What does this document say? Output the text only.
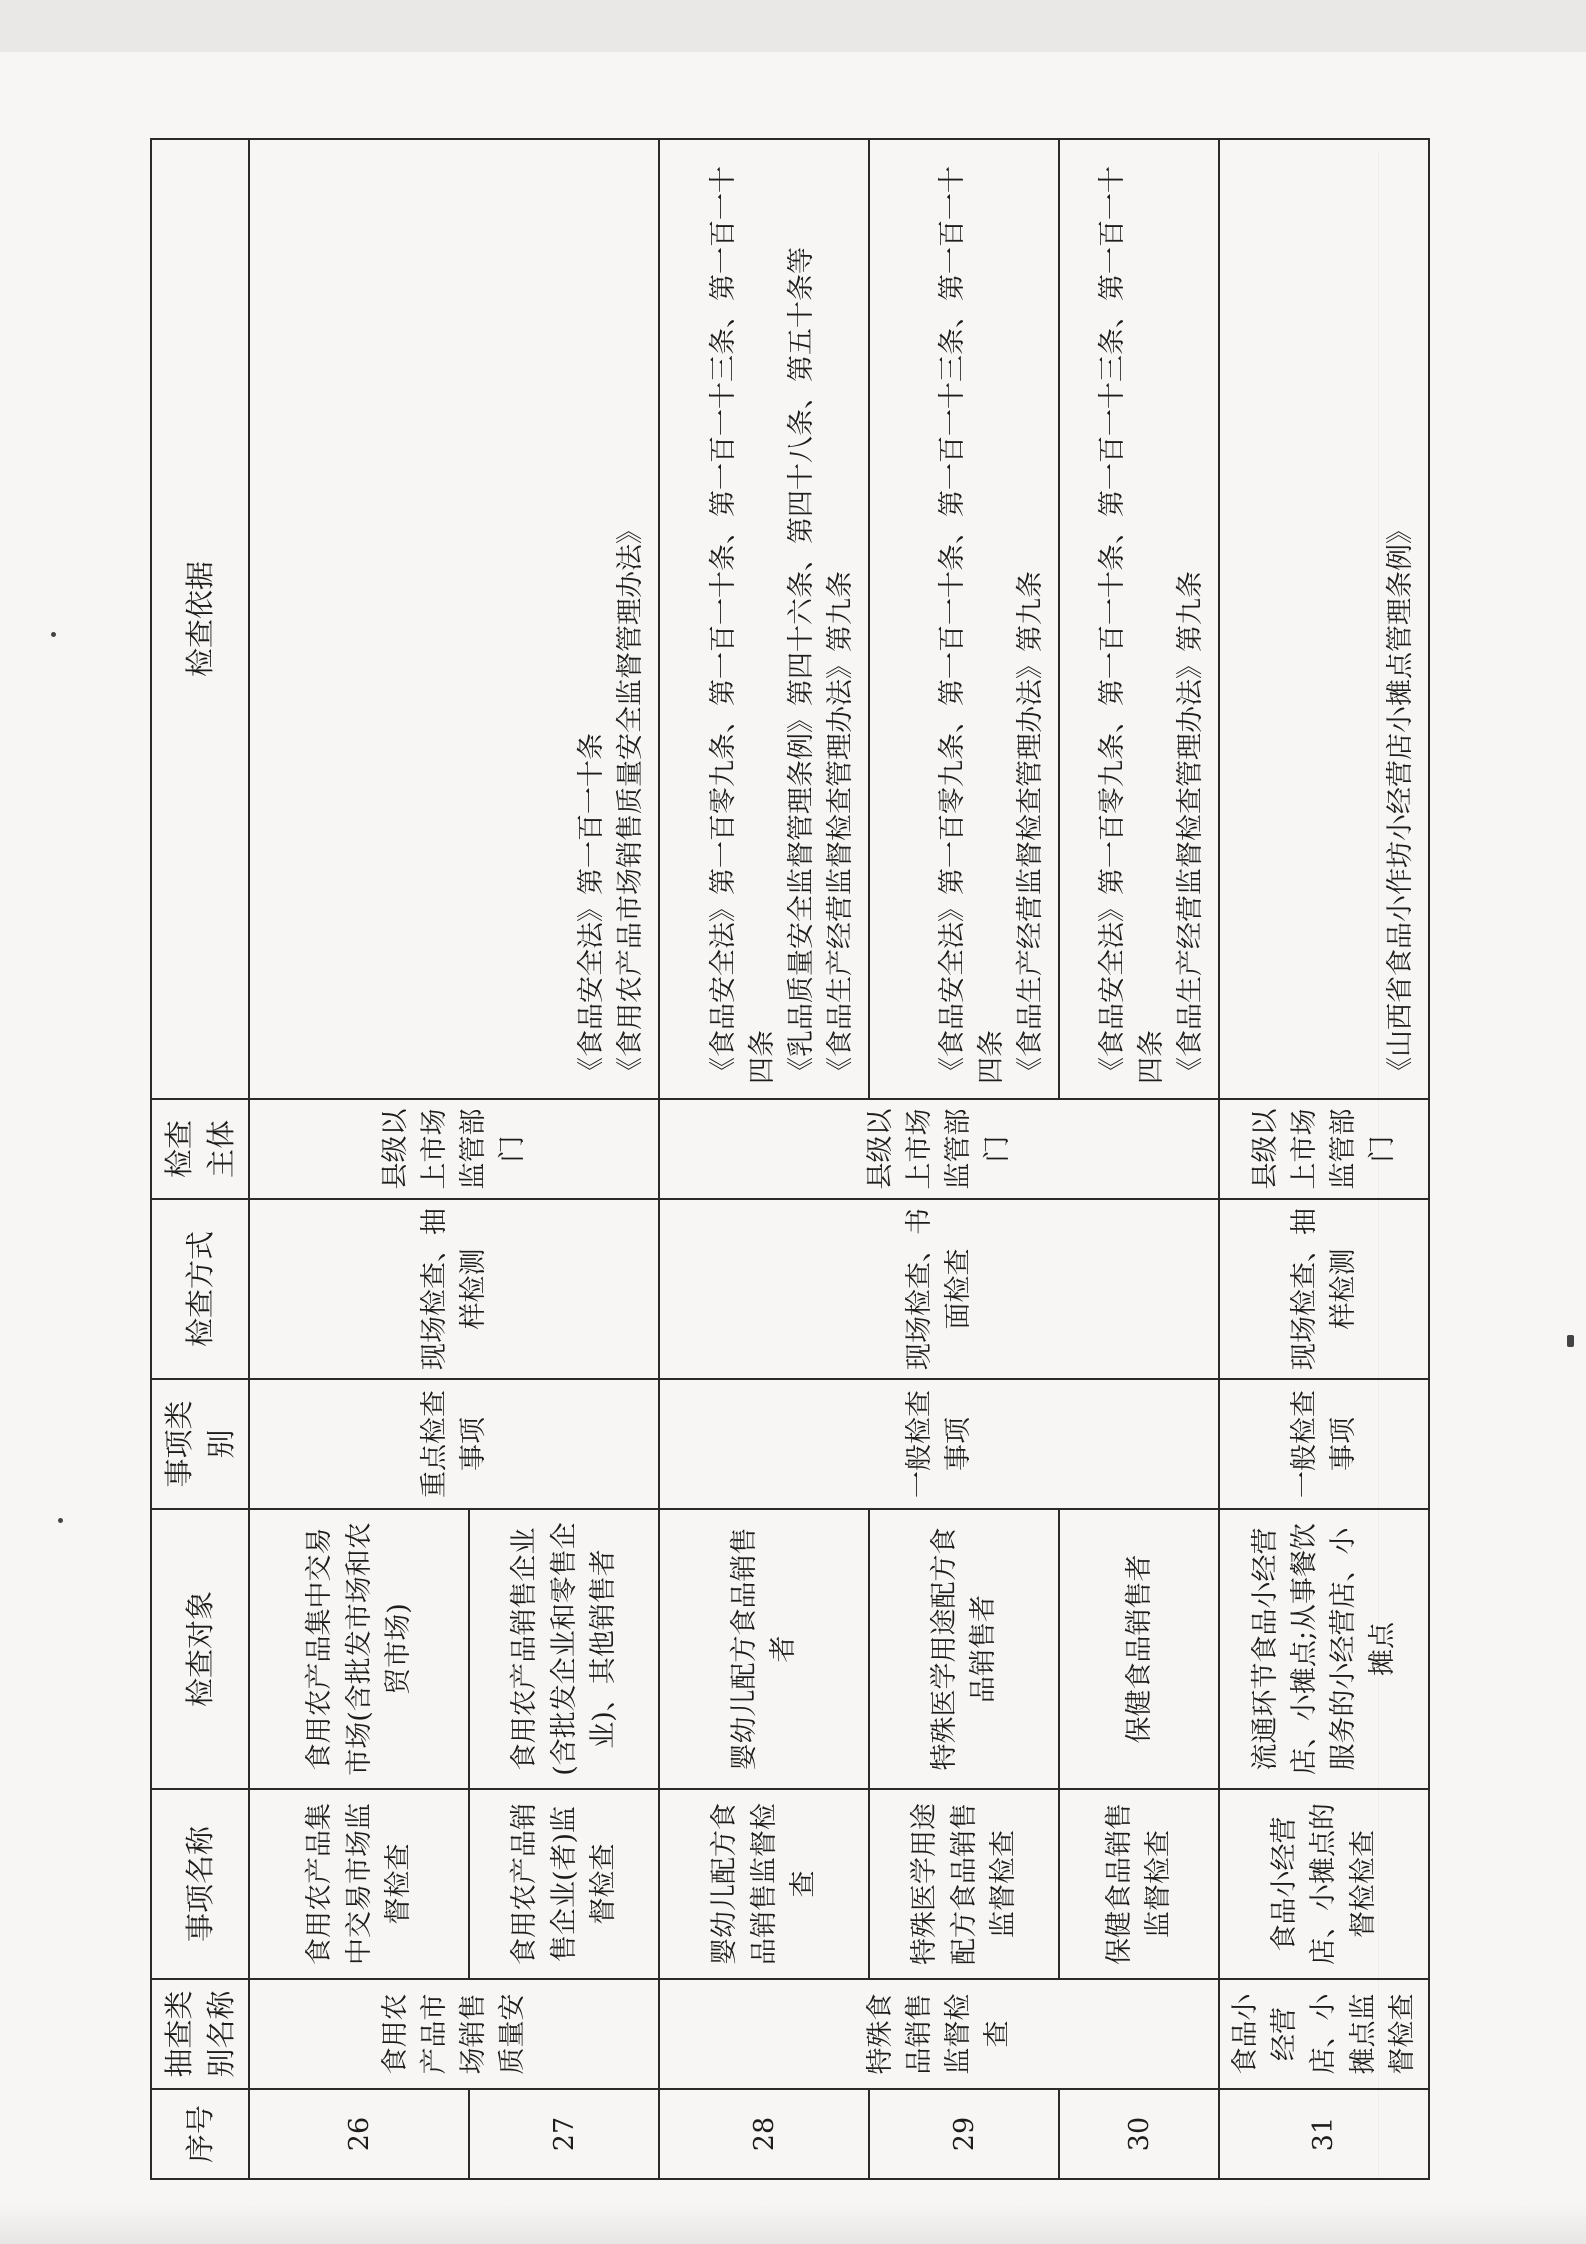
序号	抽查类别名称	事项名称	检查对象	事项类别	检查方式	检查主体	检查依据
26	食用农产品市场销售质量安	食用农产品集中交易市场监督检查	食用农产品集中交易市场(含批发市场和农贸市场)	重点检查事项	现场检查、抽样检测	县级以上市场监管部门	《食品安全法》第一百一十条 《食用农产品市场销售质量安全监督管理办法》

27		食用农产品销售企业(者)监督检查	食用农产品销售企业(含批发企业和零售企业)、其他销售者				
28	特殊食品销售监督检查	婴幼儿配方食品销售监督检查	婴幼儿配方食品销售者	一般检查事项	现场检查、书面检查	县级以上市场监管部门	《食品安全法》第一百零九条、第一百一十条、第一百一十三条、第一百一十四条 《乳品质量安全监督管理条例》第四十六条、第四十八条、第五十条等 《食品生产经营监督检查管理办法》第九条

29		特殊医学用途配方食品销售监督检查	特殊医学用途配方食品销售者				《食品安全法》第一百零九条、第一百一十条、第一百一十三条、第一百一十四条 《食品生产经营监督检查管理办法》第九条

30		保健食品销售监督检查	保健食品销售者				《食品安全法》第一百零九条、第一百一十条、第一百一十三条、第一百一十四条 《食品生产经营监督检查管理办法》第九条

31	食品小经营店、小摊点监督检查	食品小经营店、小摊点的督检检查	流通环节食品小经营店、小摊点;从事餐饮服务的小经营店、小摊点	一般检查事项	现场检查、抽样检测	县级以上市场监管部门	《山西省食品小作坊小经营店小摊点管理条例》
